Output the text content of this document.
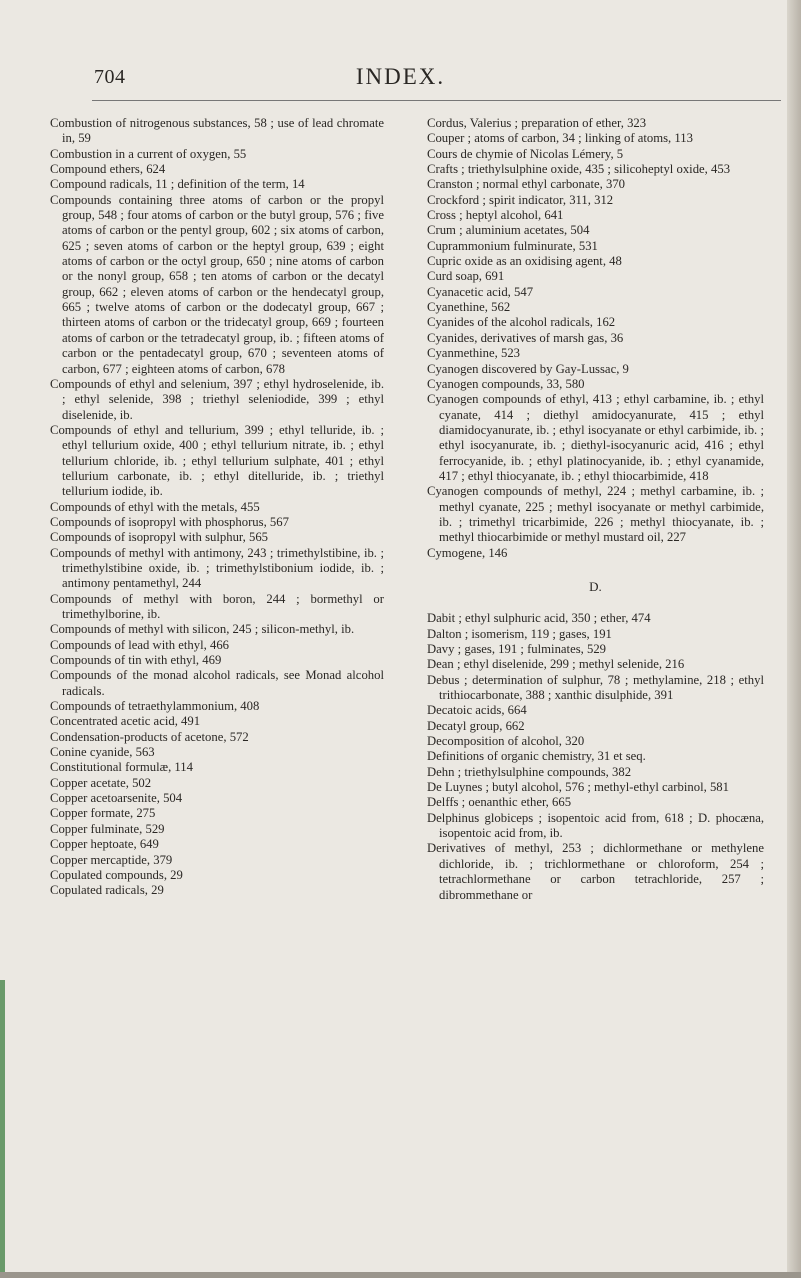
704	INDEX.

Combustion of nitrogenous substances, 58 ; use of lead chromate in, 59

Combustion in a current of oxygen, 55

Compound ethers, 624

Compound radicals, 11 ; definition of the term, 14

Compounds containing three atoms of carbon or the propyl group, 548 ; four atoms of carbon or the butyl group, 576 ; five atoms of carbon or the pentyl group, 602 ; six atoms of carbon, 625 ; seven atoms of carbon or the heptyl group, 639 ; eight atoms of carbon or the octyl group, 650 ; nine atoms of carbon or the nonyl group, 658 ; ten atoms of carbon or the decatyl group, 662 ; eleven atoms of carbon or the hendecatyl group, 665 ; twelve atoms of carbon or the dodecatyl group, 667 ; thirteen atoms of carbon or the tridecatyl group, 669 ; fourteen atoms of carbon or the tetradecatyl group, ib. ; fifteen atoms of carbon or the pentadecatyl group, 670 ; seventeen atoms of carbon, 677 ; eighteen atoms of carbon, 678

Compounds of ethyl and selenium, 397 ; ethyl hydroselenide, ib. ; ethyl selenide, 398 ; triethyl seleniodide, 399 ; ethyl diselenide, ib.

Compounds of ethyl and tellurium, 399 ; ethyl telluride, ib. ; ethyl tellurium oxide, 400 ; ethyl tellurium nitrate, ib. ; ethyl tellurium chloride, ib. ; ethyl tellurium sulphate, 401 ; ethyl tellurium carbonate, ib. ; ethyl ditelluride, ib. ; triethyl tellurium iodide, ib.

Compounds of ethyl with the metals, 455

Compounds of isopropyl with phosphorus, 567

Compounds of isopropyl with sulphur, 565

Compounds of methyl with antimony, 243 ; trimethylstibine, ib. ; trimethylstibine oxide, ib. ; trimethylstibonium iodide, ib. ; antimony pentamethyl, 244

Compounds of methyl with boron, 244 ; bormethyl or trimethylborine, ib.

Compounds of methyl with silicon, 245 ; silicon-methyl, ib.

Compounds of lead with ethyl, 466

Compounds of tin with ethyl, 469

Compounds of the monad alcohol radicals, see Monad alcohol radicals.

Compounds of tetraethylammonium, 408

Concentrated acetic acid, 491

Condensation-products of acetone, 572

Conine cyanide, 563

Constitutional formulæ, 114

Copper acetate, 502

Copper acetoarsenite, 504

Copper formate, 275

Copper fulminate, 529

Copper heptoate, 649

Copper mercaptide, 379

Copulated compounds, 29

Copulated radicals, 29

Cordus, Valerius ; preparation of ether, 323

Couper ; atoms of carbon, 34 ; linking of atoms, 113

Cours de chymie of Nicolas Lémery, 5

Crafts ; triethylsulphine oxide, 435 ; silicoheptyl oxide, 453

Cranston ; normal ethyl carbonate, 370

Crockford ; spirit indicator, 311, 312

Cross ; heptyl alcohol, 641

Crum ; aluminium acetates, 504

Cuprammonium fulminurate, 531

Cupric oxide as an oxidising agent, 48

Curd soap, 691

Cyanacetic acid, 547

Cyanethine, 562

Cyanides of the alcohol radicals, 162

Cyanides, derivatives of marsh gas, 36

Cyanmethine, 523

Cyanogen discovered by Gay-Lussac, 9

Cyanogen compounds, 33, 580

Cyanogen compounds of ethyl, 413 ; ethyl carbamine, ib. ; ethyl cyanate, 414 ; diethyl amidocyanurate, 415 ; ethyl diamidocyanurate, ib. ; ethyl isocyanate or ethyl carbimide, ib. ; ethyl isocyanurate, ib. ; diethyl-isocyanuric acid, 416 ; ethyl ferrocyanide, ib. ; ethyl platinocyanide, ib. ; ethyl cyanamide, 417 ; ethyl thiocyanate, ib. ; ethyl thiocarbimide, 418

Cyanogen compounds of methyl, 224 ; methyl carbamine, ib. ; methyl cyanate, 225 ; methyl isocyanate or methyl carbimide, ib. ; trimethyl tricarbimide, 226 ; methyl thiocyanate, ib. ; methyl thiocarbimide or methyl mustard oil, 227

Cymogene, 146

D.

Dabit ; ethyl sulphuric acid, 350 ; ether, 474

Dalton ; isomerism, 119 ; gases, 191

Davy ; gases, 191 ; fulminates, 529

Dean ; ethyl diselenide, 299 ; methyl selenide, 216

Debus ; determination of sulphur, 78 ; methylamine, 218 ; ethyl trithiocarbonate, 388 ; xanthic disulphide, 391

Decatoic acids, 664

Decatyl group, 662

Decomposition of alcohol, 320

Definitions of organic chemistry, 31 et seq.

Dehn ; triethylsulphine compounds, 382

De Luynes ; butyl alcohol, 576 ; methyl-ethyl carbinol, 581

Delffs ; oenanthic ether, 665

Delphinus globiceps ; isopentoic acid from, 618 ; D. phocæna, isopentoic acid from, ib.

Derivatives of methyl, 253 ; dichlormethane or methylene dichloride, ib. ; trichlormethane or chloroform, 254 ; tetrachlormethane or carbon tetrachloride, 257 ; dibrommethane or
